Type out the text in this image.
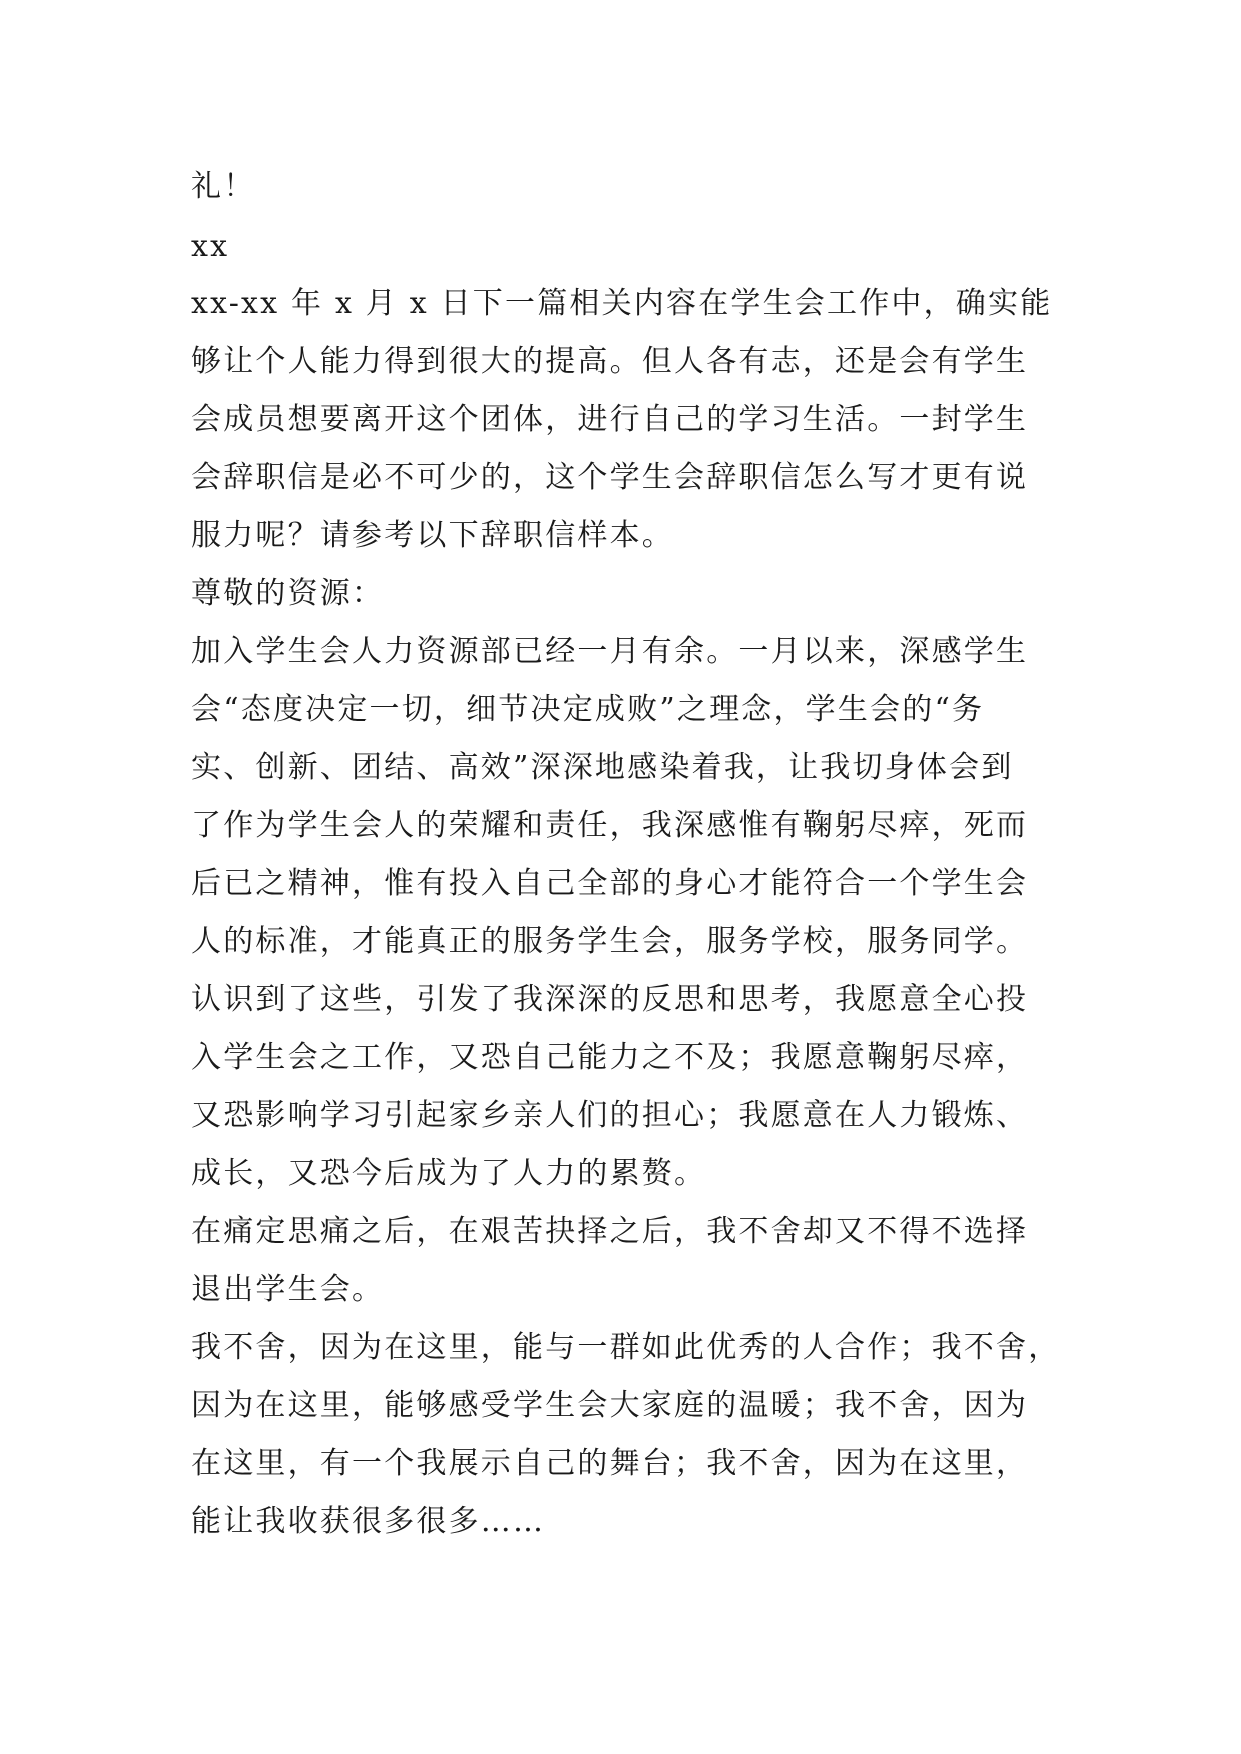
礼！
xx
xx-xx 年 x 月 x 日下一篇相关内容在学生会工作中，确实能
够让个人能力得到很大的提高。但人各有志，还是会有学生
会成员想要离开这个团体，进行自己的学习生活。一封学生
会辞职信是必不可少的，这个学生会辞职信怎么写才更有说
服力呢？请参考以下辞职信样本。
尊敬的资源：
加入学生会人力资源部已经一月有余。一月以来，深感学生
会“态度决定一切，细节决定成败”之理念，学生会的“务
实、创新、团结、高效”深深地感染着我，让我切身体会到
了作为学生会人的荣耀和责任，我深感惟有鞠躬尽瘁，死而
后已之精神，惟有投入自己全部的身心才能符合一个学生会
人的标准，才能真正的服务学生会，服务学校，服务同学。
认识到了这些，引发了我深深的反思和思考，我愿意全心投
入学生会之工作，又恐自己能力之不及；我愿意鞠躬尽瘁，
又恐影响学习引起家乡亲人们的担心；我愿意在人力锻炼、
成长，又恐今后成为了人力的累赘。
在痛定思痛之后，在艰苦抉择之后，我不舍却又不得不选择
退出学生会。
我不舍，因为在这里，能与一群如此优秀的人合作；我不舍，
因为在这里，能够感受学生会大家庭的温暖；我不舍，因为
在这里，有一个我展示自己的舞台；我不舍，因为在这里，
能让我收获很多很多……
